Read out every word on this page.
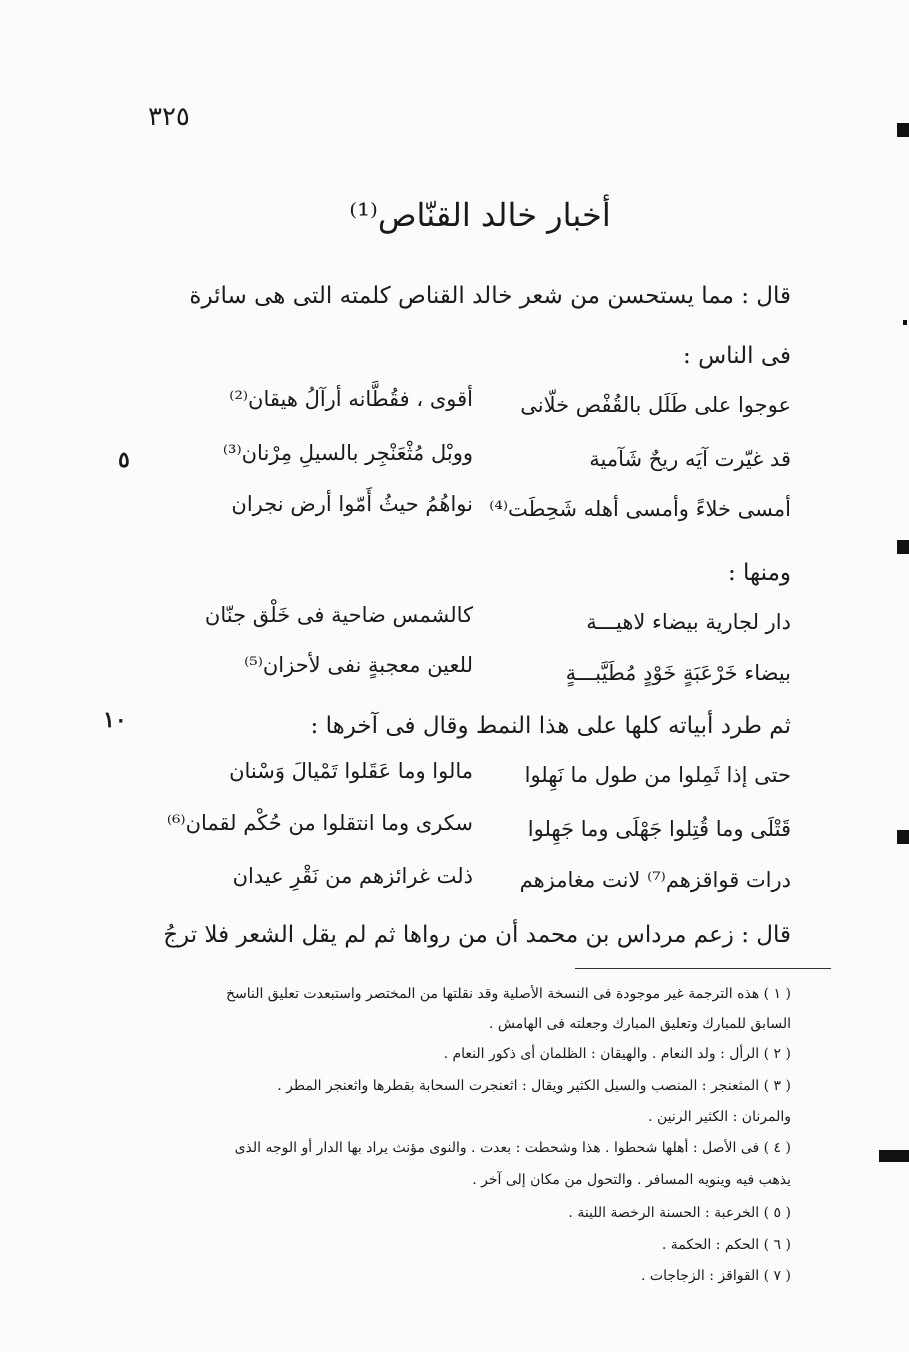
٣٢٥
أخبار خالد القنّاص⁽¹⁾
قال : مما يستحسن من شعر خالد القناص كلمته التى هى سائرة
فى الناس :
عوجوا على طَلَل بالقُفْص خلّانى
أقوى ، فقُطَّانه أرآلُ هيقان⁽²⁾
قد غيّرت آيَه ريحٌ شَآمية
ووبْل مُثْعَنْجِر بالسيلِ مِرْنان⁽³⁾
أمسى خلاءً وأمسى أهله شَحِطَت⁽⁴⁾
نواهُمُ حيثُ أَمّوا أرض نجران
٥
ومنها :
دار لجارية بيضاء لاهيـــة
كالشمس ضاحية فى خَلْق جنّان
بيضاء خَرْعَبَةٍ خَوْدٍ مُطَيَّبـــةٍ
للعين معجبةٍ نفى لأحزان⁽⁵⁾
ثم طرد أبياته كلها على هذا النمط وقال فى آخرها :
١٠
حتى إذا ثَمِلوا من طول ما نَهِلوا
مالوا وما عَقَلوا تَمْيالَ وَسْنان
قَتْلَى وما قُتِلوا جَهْلَى وما جَهِلوا
سكرى وما انتقلوا من حُكْم لقمان⁽⁶⁾
درات قواقزهم⁽⁷⁾ لانت مغامزهم
ذلت غرائزهم من نَقْرِ عيدان
قال : زعم مرداس بن محمد أن من رواها ثم لم يقل الشعر فلا ترجُ
( ١ ) هذه الترجمة غير موجودة فى النسخة الأصلية وقد نقلتها من المختصر واستبعدت تعليق الناسخ
السابق للمبارك وتعليق المبارك وجعلته فى الهامش .
( ٢ ) الرأل : ولد النعام . والهيقان : الظلمان أى ذكور النعام .
( ٣ ) المثعنجر : المنصب والسيل الكثير ويقال : اثعنجرت السحابة بقطرها واثعنجر المطر .
والمرنان : الكثير الرنين .
( ٤ ) فى الأصل : أهلها شحطوا . هذا وشحطت : بعدت . والنوى مؤنث يراد بها الدار أو الوجه الذى
يذهب فيه وينويه المسافر . والتحول من مكان إلى آخر .
( ٥ ) الخرعبة : الحسنة الرخصة اللينة .
( ٦ ) الحكم : الحكمة .
( ٧ ) القواقز : الزجاجات .
